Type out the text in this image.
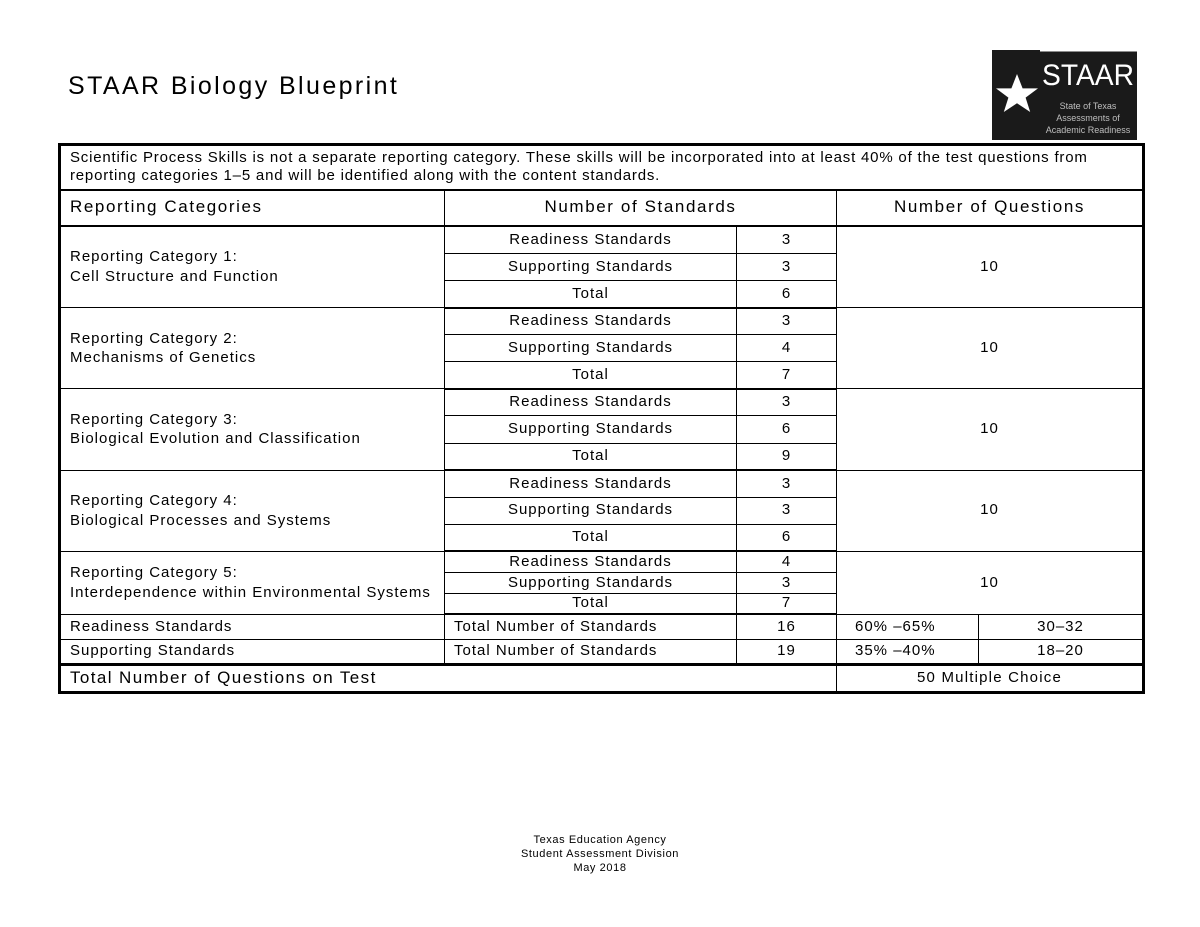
STAAR Biology Blueprint	STAAR
State of Texas
Assessments of
Academic Readiness
Scientific Process Skills is not a separate reporting category. These skills will be incorporated into at least 40% of the test questions from reporting categories 1–5 and will be identified along with the content standards.				
Reporting Categories	Number of Standards		Number of Questions	
Reporting Category 1:
Cell Structure and Function	Readiness Standards	3	10	
	Supporting Standards	3		
	Total	6		
Reporting Category 2:
Mechanisms of Genetics	Readiness Standards	3	10	
	Supporting Standards	4		
	Total	7		
Reporting Category 3:
Biological Evolution and Classification	Readiness Standards	3	10	
	Supporting Standards	6		
	Total	9		
Reporting Category 4:
Biological Processes and Systems	Readiness Standards	3	10	
	Supporting Standards	3		
	Total	6		
Reporting Category 5:
Interdependence within Environmental Systems	Readiness Standards	4	10	
	Supporting Standards	3		
	Total	7		
Readiness Standards	Total Number of Standards	16	60% –65%	30–32
Supporting Standards	Total Number of Standards	19	35% –40%	18–20
Total Number of Questions on Test			50 Multiple Choice	
Texas Education Agency
Student Assessment Division
May 2018
